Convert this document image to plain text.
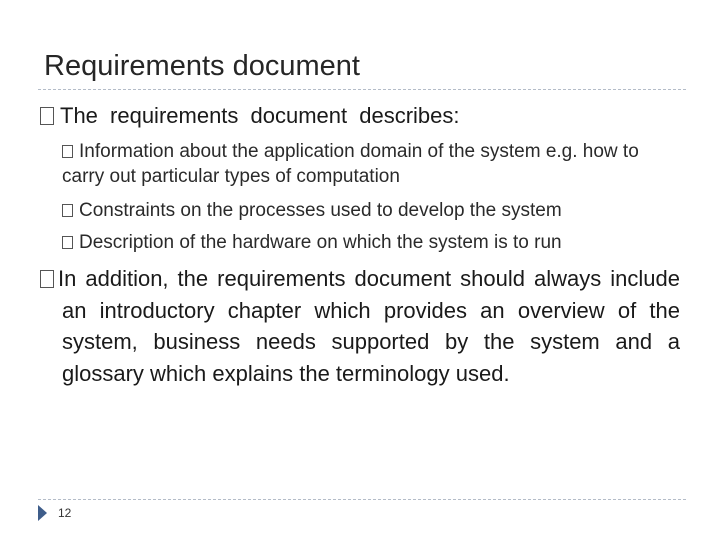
Requirements document
The requirements document describes:
Information about the application domain of the system e.g. how to carry out particular types of computation
Constraints on the processes used to develop the system
Description of the hardware on which the system is to run
In addition, the requirements document should always include an introductory chapter which provides an overview of the system, business needs supported by the system and a glossary which explains the terminology used.
12
